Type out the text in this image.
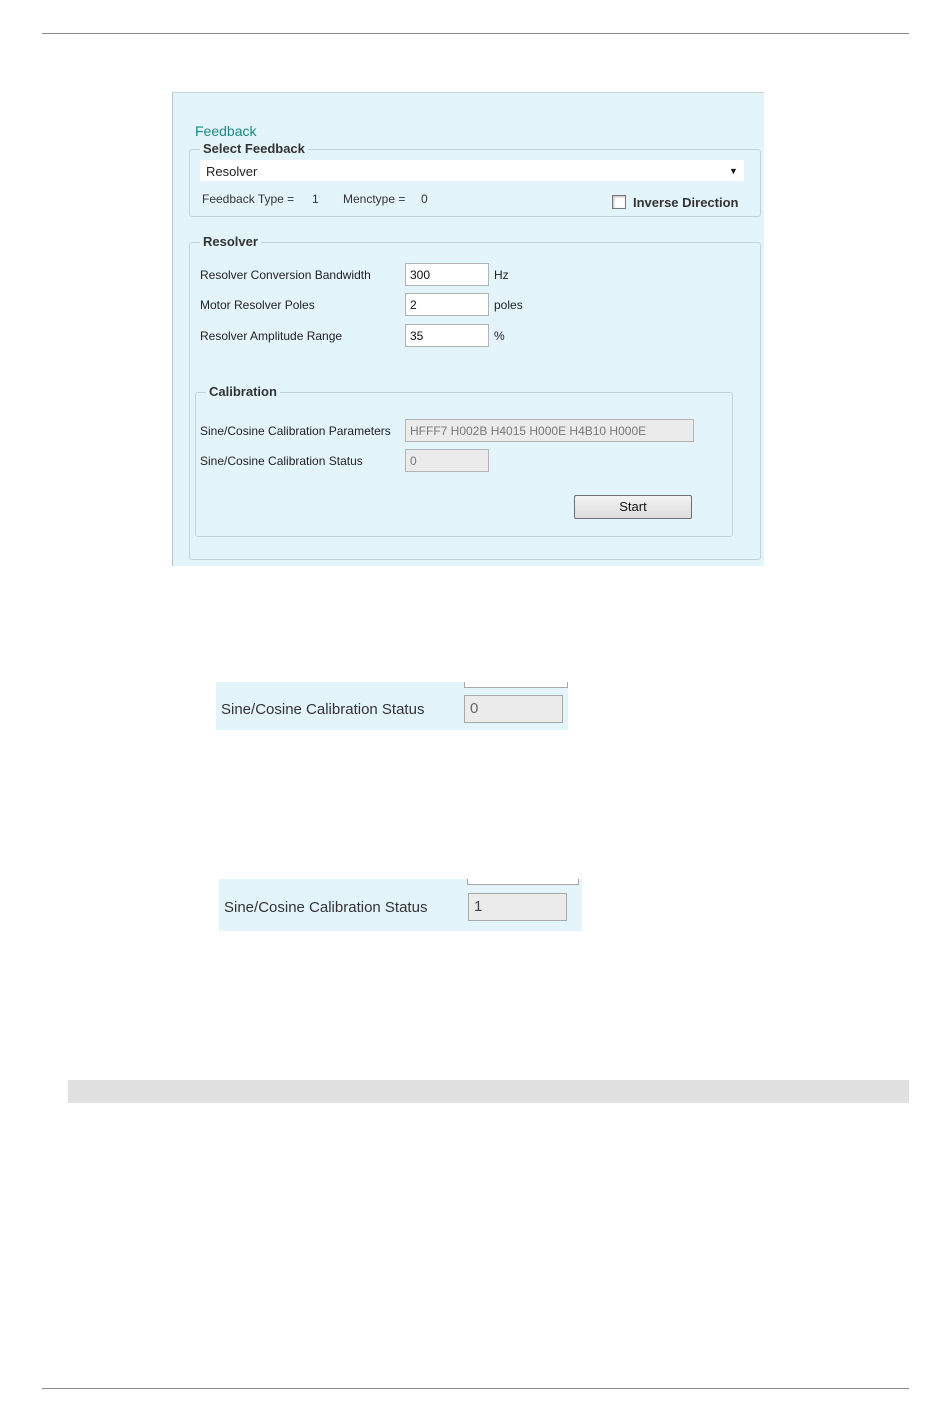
Feedback
Select Feedback
Resolver	▼
Feedback Type = 1 Menctype = 0	Inverse Direction
Resolver
Resolver Conversion Bandwidth	300	Hz
Motor Resolver Poles	2	poles
Resolver Amplitude Range	35	%
Calibration
Sine/Cosine Calibration Parameters	HFFF7 H002B H4015 H000E H4B10 H000E
Sine/Cosine Calibration Status	0
Start
Sine/Cosine Calibration Status	0
Sine/Cosine Calibration Status	1
